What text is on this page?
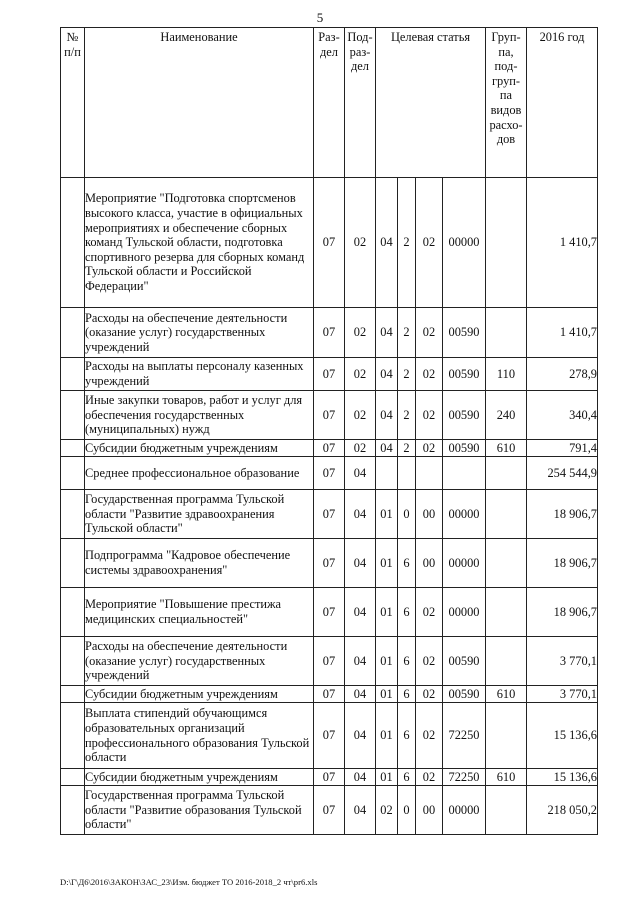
5
№ п/п	Наименование	Раз-дел	Под-раз-дел	Целевая статья				Груп-па, под-груп-па видов расхо-дов	2016 год
	Мероприятие "Подготовка спортсменов высокого класса, участие в официальных мероприятиях и обеспечение сборных команд Тульской области, подготовка спортивного резерва для сборных команд Тульской области и Российской Федерации"	07	02	04	2	02	00000		1 410,7
	Расходы на обеспечение деятельности (оказание услуг) государственных учреждений	07	02	04	2	02	00590		1 410,7
	Расходы на выплаты персоналу казенных учреждений	07	02	04	2	02	00590	110	278,9
	Иные закупки товаров, работ и услуг для обеспечения государственных (муниципальных) нужд	07	02	04	2	02	00590	240	340,4
	Субсидии бюджетным учреждениям	07	02	04	2	02	00590	610	791,4
	Среднее профессиональное образование	07	04						254 544,9
	Государственная программа Тульской области "Развитие здравоохранения Тульской области"	07	04	01	0	00	00000		18 906,7
	Подпрограмма "Кадровое обеспечение системы здравоохранения"	07	04	01	6	00	00000		18 906,7
	Мероприятие "Повышение престижа медицинских специальностей"	07	04	01	6	02	00000		18 906,7
	Расходы на обеспечение деятельности (оказание услуг) государственных учреждений	07	04	01	6	02	00590		3 770,1
	Субсидии бюджетным учреждениям	07	04	01	6	02	00590	610	3 770,1
	Выплата стипендий обучающимся образовательных организаций профессионального образования Тульской области	07	04	01	6	02	72250		15 136,6
	Субсидии бюджетным учреждениям	07	04	01	6	02	72250	610	15 136,6
	Государственная программа Тульской области "Развитие образования Тульской области"	07	04	02	0	00	00000		218 050,2
D:\Г\Д6\2016\ЗАКОН\ЗАС_23\Изм. бюджет ТО 2016-2018_2 чт\рr6.xls
